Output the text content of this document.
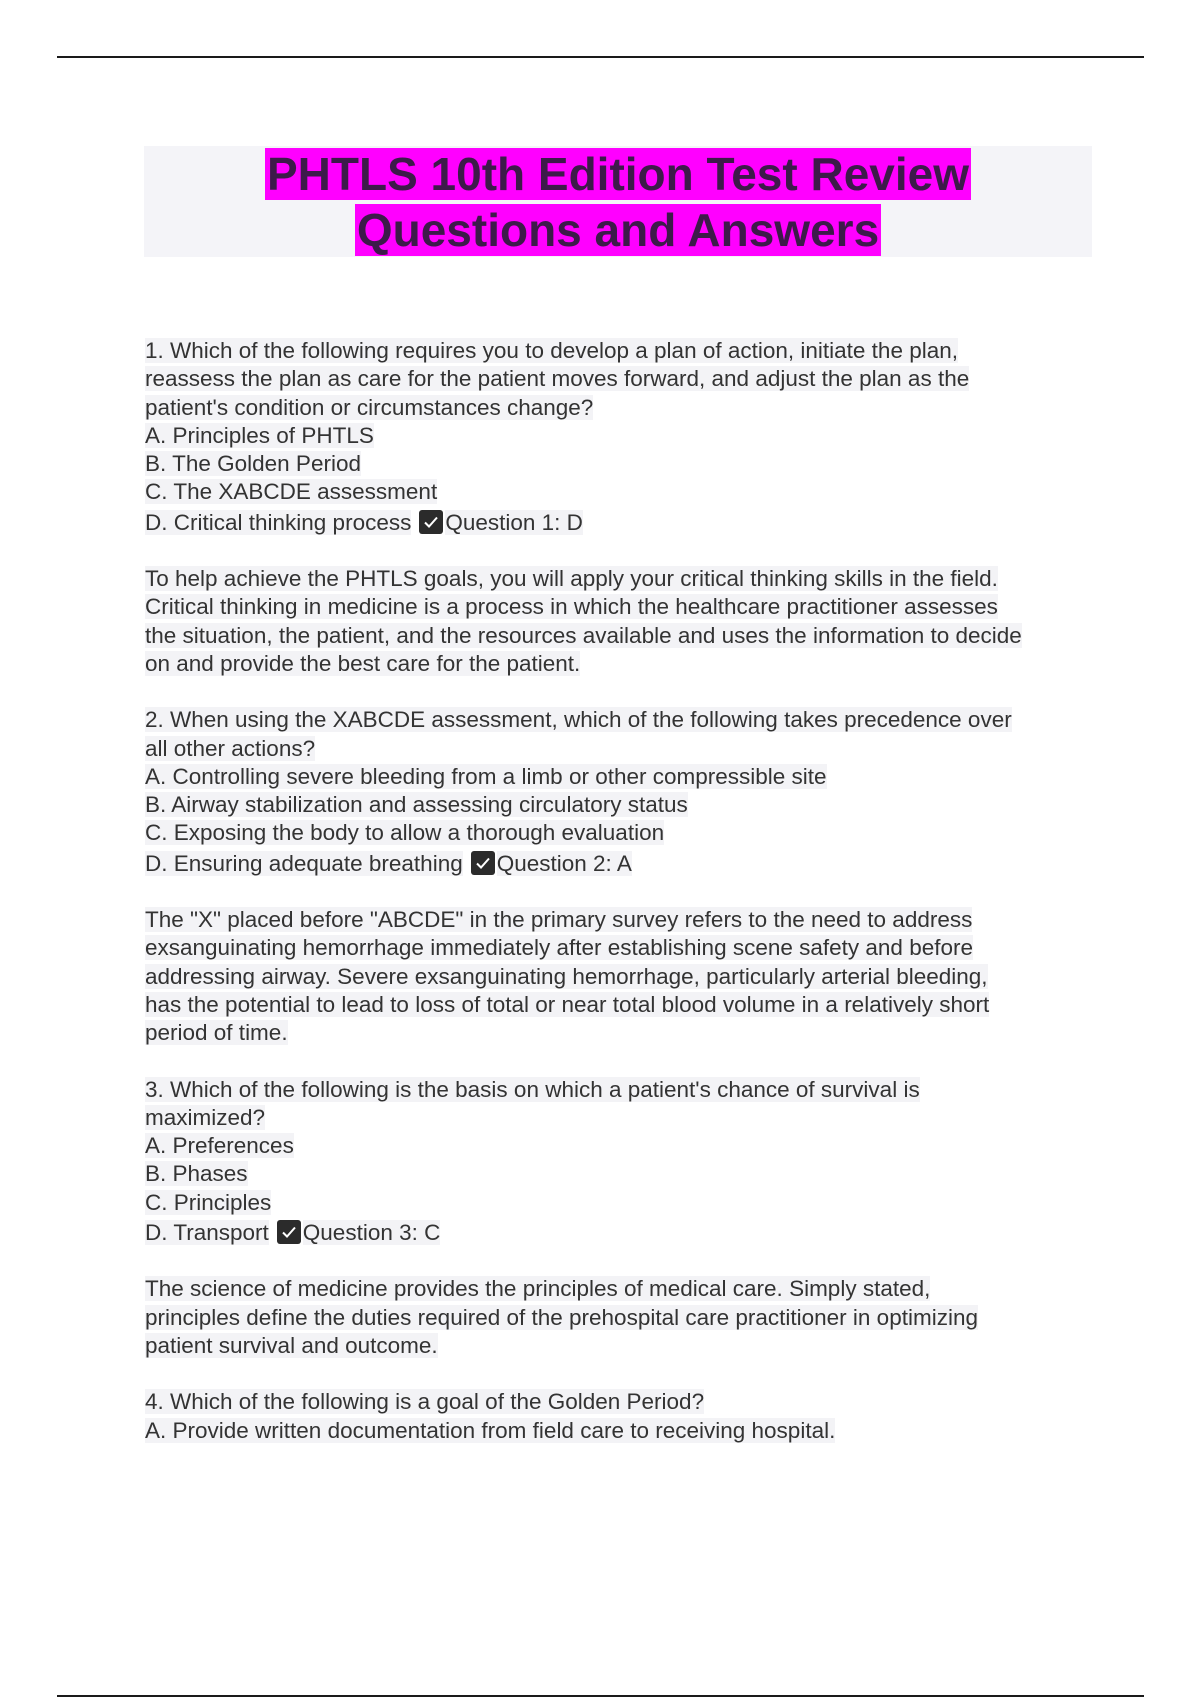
PHTLS 10th Edition Test Review
Questions and Answers
1. Which of the following requires you to develop a plan of action, initiate the plan,
reassess the plan as care for the patient moves forward, and adjust the plan as the
patient's condition or circumstances change?
A. Principles of PHTLS
B. The Golden Period
C. The XABCDE assessment
D. Critical thinking process Question 1: D
To help achieve the PHTLS goals, you will apply your critical thinking skills in the field.
Critical thinking in medicine is a process in which the healthcare practitioner assesses
the situation, the patient, and the resources available and uses the information to decide
on and provide the best care for the patient.
2. When using the XABCDE assessment, which of the following takes precedence over
all other actions?
A. Controlling severe bleeding from a limb or other compressible site
B. Airway stabilization and assessing circulatory status
C. Exposing the body to allow a thorough evaluation
D. Ensuring adequate breathing Question 2: A
The "X" placed before "ABCDE" in the primary survey refers to the need to address
exsanguinating hemorrhage immediately after establishing scene safety and before
addressing airway. Severe exsanguinating hemorrhage, particularly arterial bleeding,
has the potential to lead to loss of total or near total blood volume in a relatively short
period of time.
3. Which of the following is the basis on which a patient's chance of survival is
maximized?
A. Preferences
B. Phases
C. Principles
D. Transport Question 3: C
The science of medicine provides the principles of medical care. Simply stated,
principles define the duties required of the prehospital care practitioner in optimizing
patient survival and outcome.
4. Which of the following is a goal of the Golden Period?
A. Provide written documentation from field care to receiving hospital.
